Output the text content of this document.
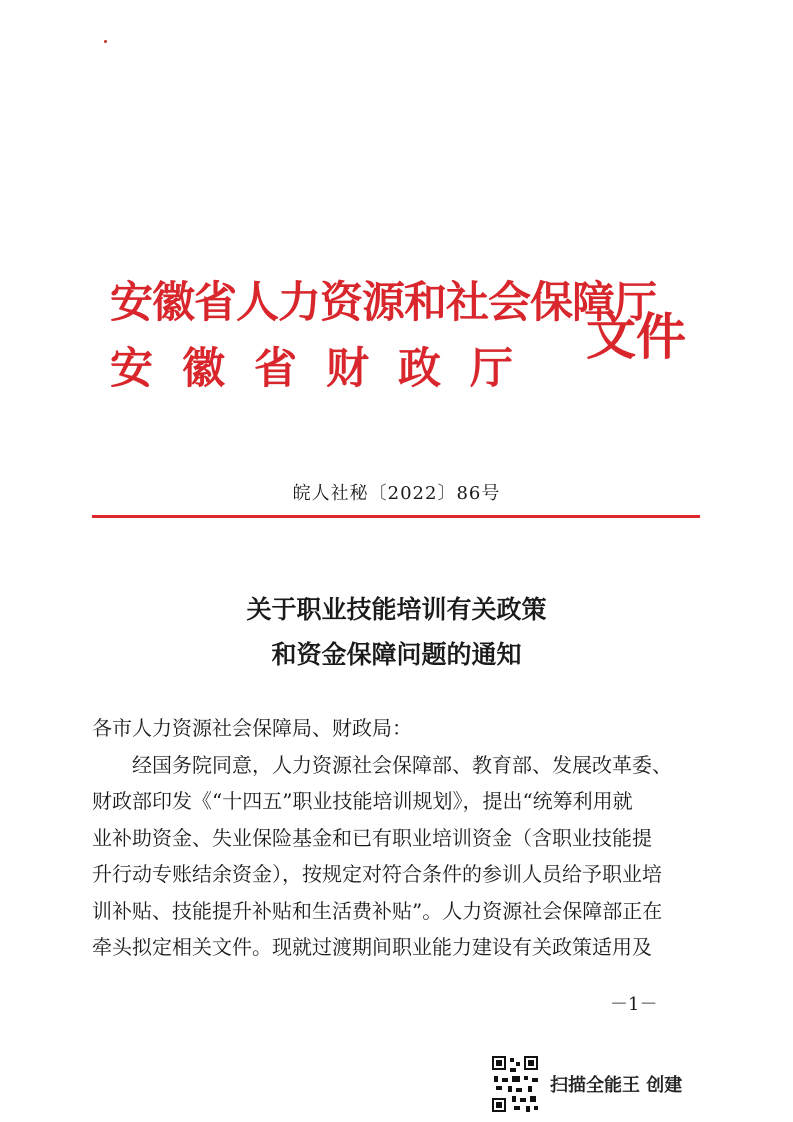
安徽省人力资源和社会保障厅
安徽省财政厅
文件
皖人社秘〔2022〕86号
关于职业技能培训有关政策
和资金保障问题的通知

各市人力资源社会保障局、财政局：

经国务院同意，人力资源社会保障部、教育部、发展改革委、

财政部印发《“十四五”职业技能培训规划》，提出“统筹利用就

业补助资金、失业保险基金和已有职业培训资金（含职业技能提

升行动专账结余资金），按规定对符合条件的参训人员给予职业培

训补贴、技能提升补贴和生活费补贴”。人力资源社会保障部正在

牵头拟定相关文件。现就过渡期间职业能力建设有关政策适用及

－1－
扫描全能王 创建
